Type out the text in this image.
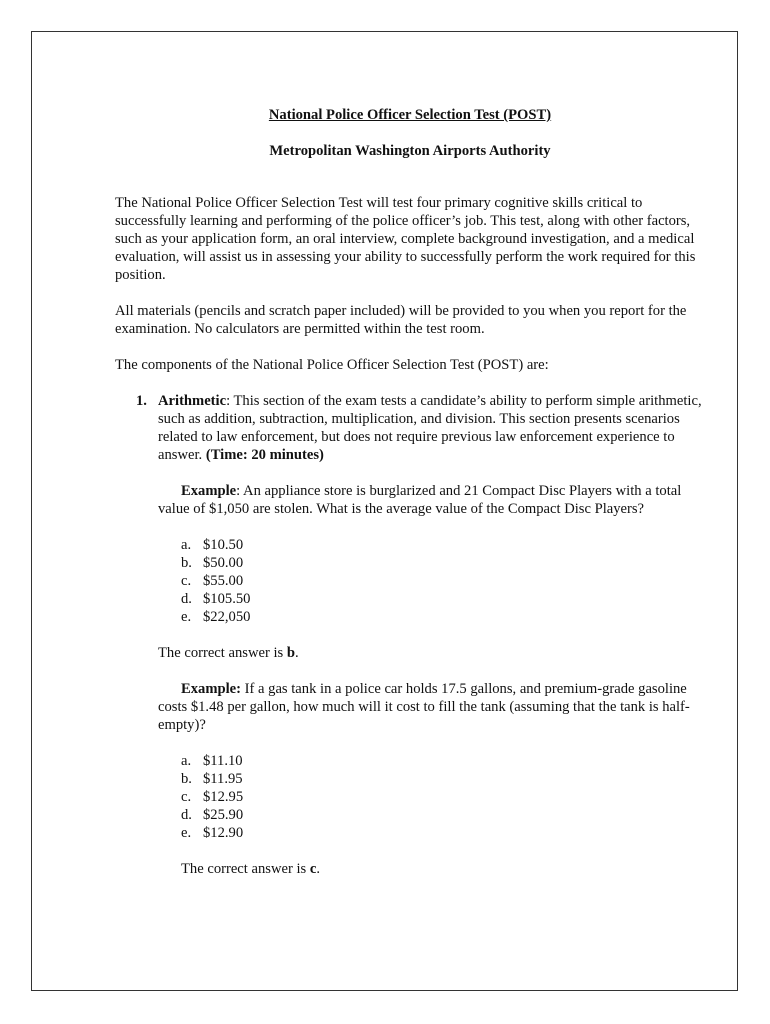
National Police Officer Selection Test (POST)
Metropolitan Washington Airports Authority

The National Police Officer Selection Test will test four primary cognitive skills critical to successfully learning and performing of the police officer’s job. This test, along with other factors, such as your application form, an oral interview, complete background investigation, and a medical evaluation, will assist us in assessing your ability to successfully perform the work required for this position.

All materials (pencils and scratch paper included) will be provided to you when you report for the examination. No calculators are permitted within the test room.

The components of the National Police Officer Selection Test (POST) are:

1. Arithmetic: This section of the exam tests a candidate’s ability to perform simple arithmetic, such as addition, subtraction, multiplication, and division. This section presents scenarios related to law enforcement, but does not require previous law enforcement experience to answer. (Time: 20 minutes)
Example: An appliance store is burglarized and 21 Compact Disc Players with a total value of $1,050 are stolen. What is the average value of the Compact Disc Players?
a. $10.50
b. $50.00
c. $55.00
d. $105.50
e. $22,050

The correct answer is b.

Example: If a gas tank in a police car holds 17.5 gallons, and premium-grade gasoline costs $1.48 per gallon, how much will it cost to fill the tank (assuming that the tank is half-empty)?
a. $11.10
b. $11.95
c. $12.95
d. $25.90
e. $12.90

The correct answer is c.
